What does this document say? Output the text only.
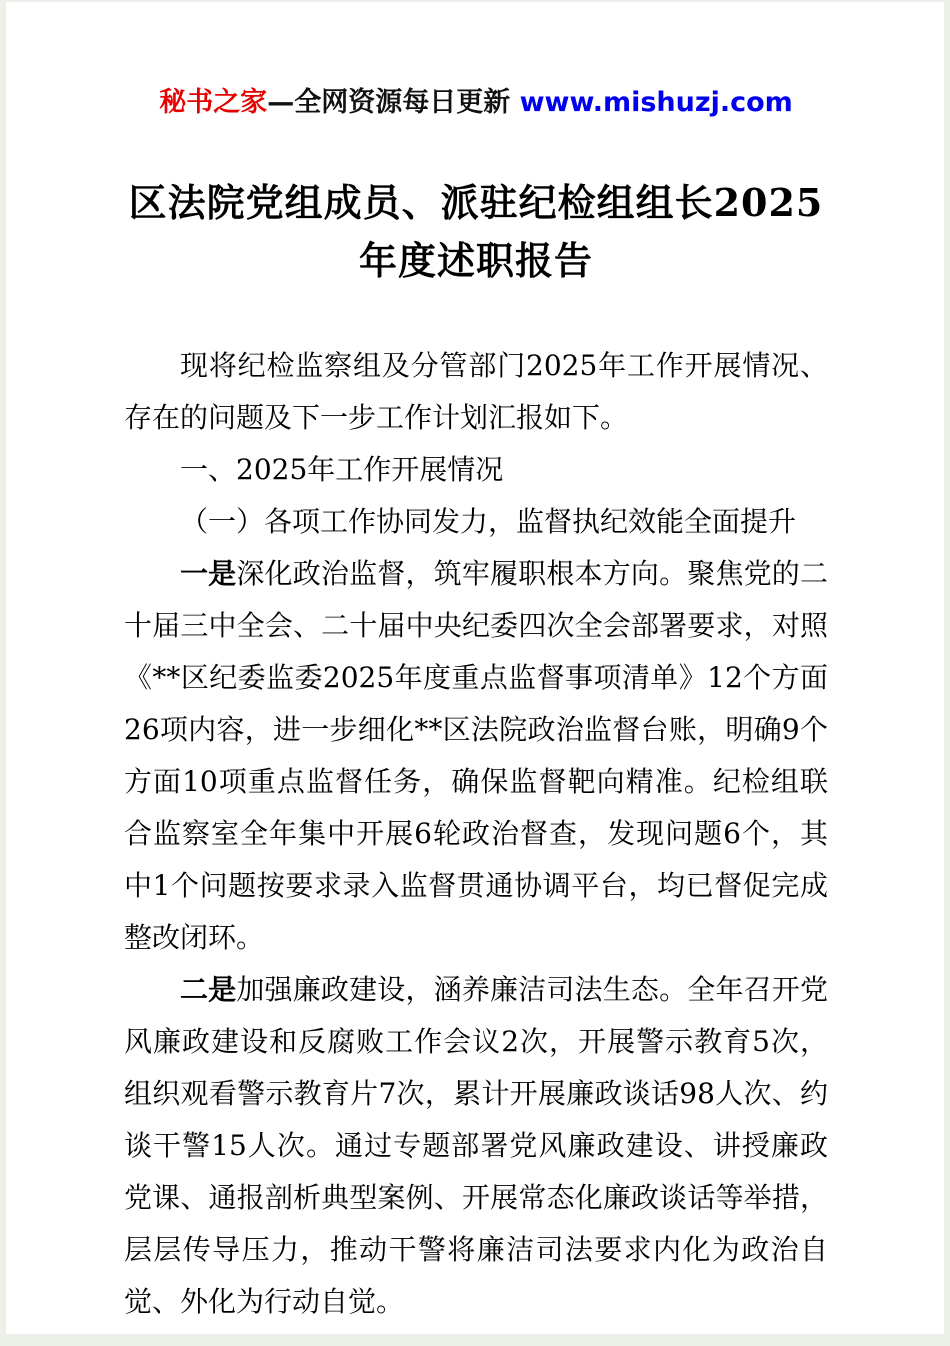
秘书之家—全网资源每日更新 www.mishuzj.com
区法院党组成员、派驻纪检组组长2025年度述职报告

现将纪检监察组及分管部门2025年工作开展情况、存在的问题及下一步工作计划汇报如下。

一、2025年工作开展情况

（一）各项工作协同发力，监督执纪效能全面提升

一是深化政治监督，筑牢履职根本方向。聚焦党的二十届三中全会、二十届中央纪委四次全会部署要求，对照《**区纪委监委2025年度重点监督事项清单》12个方面26项内容，进一步细化**区法院政治监督台账，明确9个方面10项重点监督任务，确保监督靶向精准。纪检组联合监察室全年集中开展6轮政治督查，发现问题6个，其中1个问题按要求录入监督贯通协调平台，均已督促完成整改闭环。

二是加强廉政建设，涵养廉洁司法生态。全年召开党风廉政建设和反腐败工作会议2次，开展警示教育5次，组织观看警示教育片7次，累计开展廉政谈话98人次、约谈干警15人次。通过专题部署党风廉政建设、讲授廉政党课、通报剖析典型案例、开展常态化廉政谈话等举措，层层传导压力，推动干警将廉洁司法要求内化为政治自觉、外化为行动自觉。
